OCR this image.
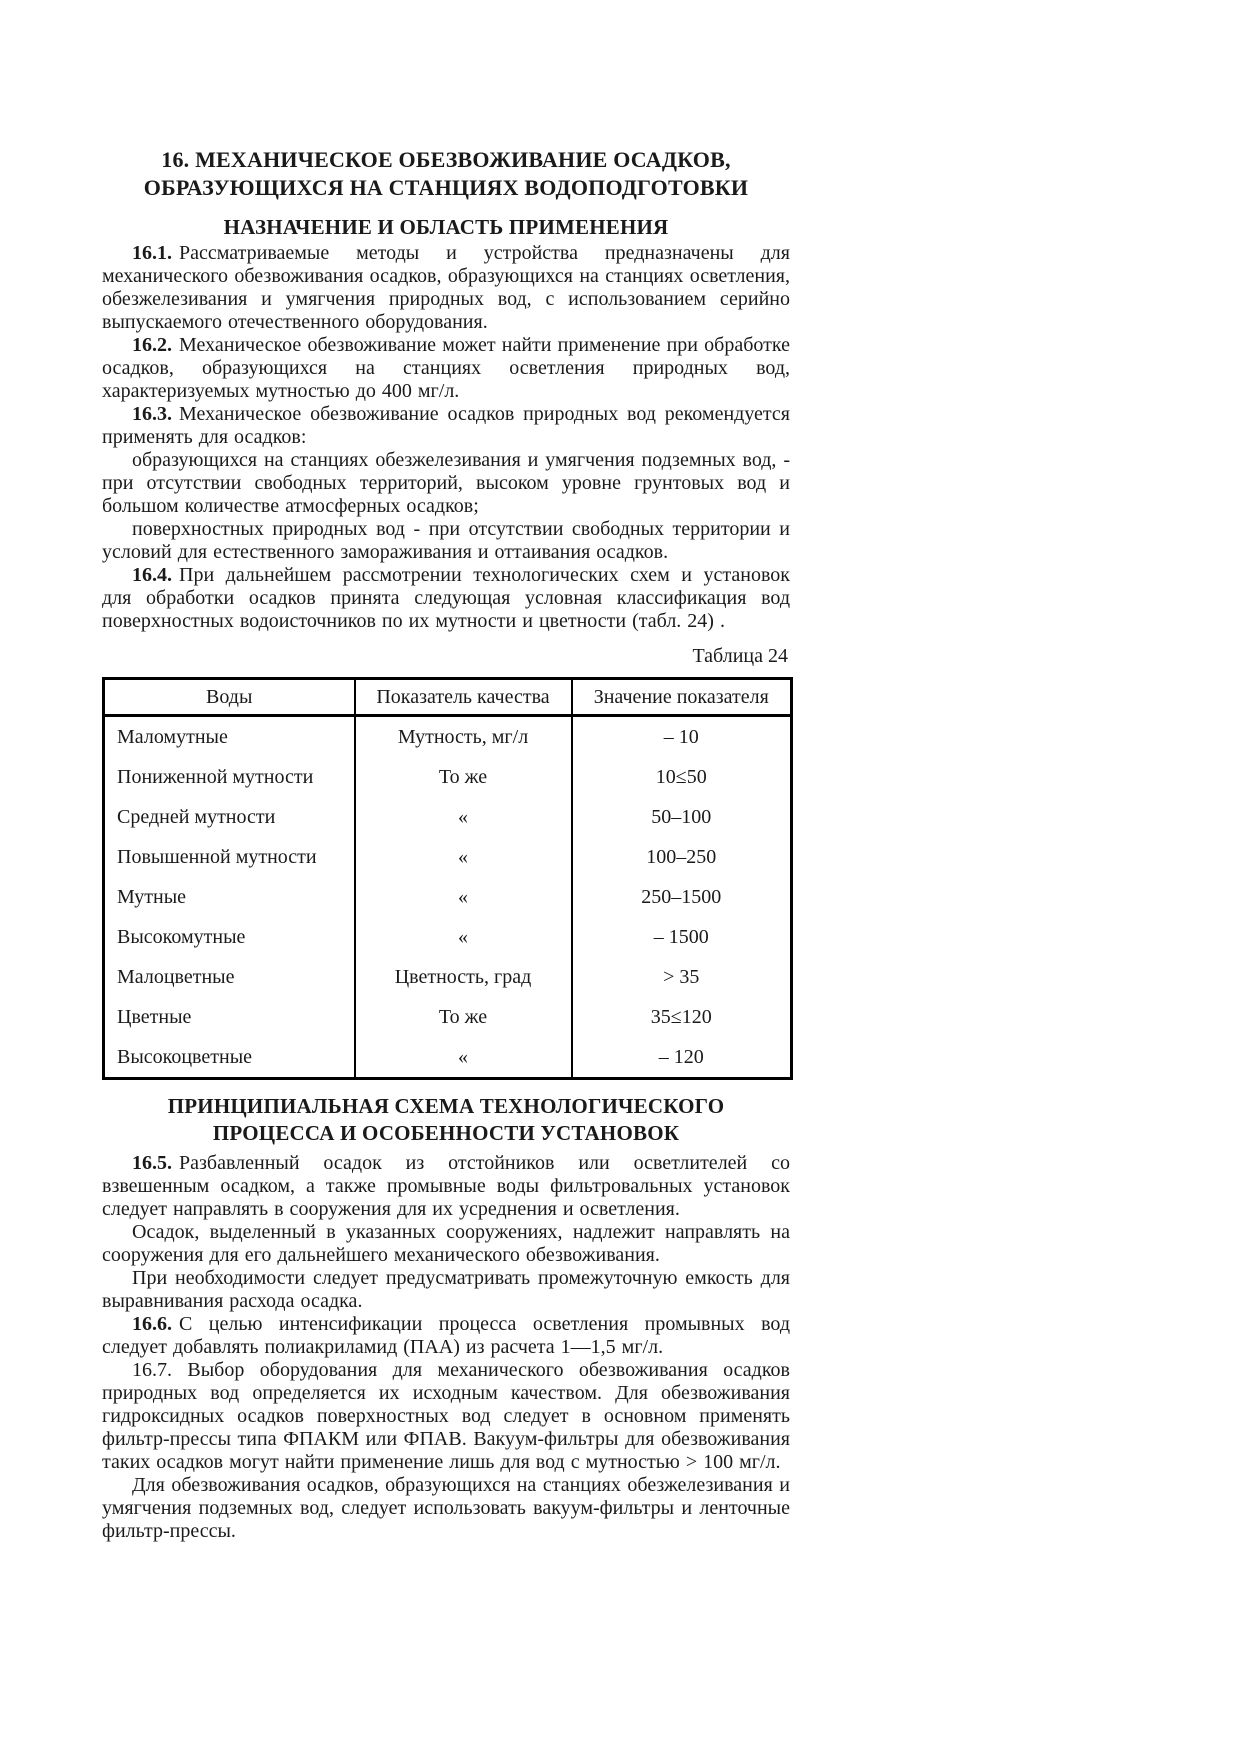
16. МЕХАНИЧЕСКОЕ ОБЕЗВОЖИВАНИЕ ОСАДКОВ,
ОБРАЗУЮЩИХСЯ НА СТАНЦИЯХ ВОДОПОДГОТОВКИ
НАЗНАЧЕНИЕ И ОБЛАСТЬ ПРИМЕНЕНИЯ

16.1. Рассматриваемые методы и устройства предназначены для механического обезвоживания осадков, образующихся на станциях осветления, обезжелезивания и умягчения природных вод, с использованием серийно выпускаемого отечественного оборудования.

16.2. Механическое обезвоживание может найти применение при обработке осадков, образующихся на станциях осветления природных вод, характеризуемых мутностью до 400 мг/л.

16.3. Механическое обезвоживание осадков природных вод рекомендуется применять для осадков:

образующихся на станциях обезжелезивания и умягчения подземных вод, - при отсутствии свободных территорий, высоком уровне грунтовых вод и большом количестве атмосферных осадков;

поверхностных природных вод - при отсутствии свободных территории и условий для естественного замораживания и оттаивания осадков.

16.4. При дальнейшем рассмотрении технологических схем и установок для обработки осадков принята следующая условная классификация вод поверхностных водоисточников по их мутности и цветности (табл. 24) .

Таблица 24
Воды	Показатель качества	Значение показателя
Маломутные	Мутность, мг/л	– 10
Пониженной мутности	То же	10≤50
Средней мутности	«	50–100
Повышенной мутности	«	100–250
Мутные	«	250–1500
Высокомутные	«	– 1500
Малоцветные	Цветность, град	> 35
Цветные	То же	35≤120
Высокоцветные	«	– 120
ПРИНЦИПИАЛЬНАЯ СХЕМА ТЕХНОЛОГИЧЕСКОГО
ПРОЦЕССА И ОСОБЕННОСТИ УСТАНОВОК

16.5. Разбавленный осадок из отстойников или осветлителей со взвешенным осадком, а также промывные воды фильтровальных установок следует направлять в сооружения для их усреднения и осветления.

Осадок, выделенный в указанных сооружениях, надлежит направлять на сооружения для его дальнейшего механического обезвоживания.

При необходимости следует предусматривать промежуточную емкость для выравнивания расхода осадка.

16.6. С целью интенсификации процесса осветления промывных вод следует добавлять полиакриламид (ПАА) из расчета 1—1,5 мг/л.

16.7. Выбор оборудования для механического обезвоживания осадков природных вод определяется их исходным качеством. Для обезвоживания гидроксидных осадков поверхностных вод следует в основном применять фильтр-прессы типа ФПАКМ или ФПАВ. Вакуум-фильтры для обезвоживания таких осадков могут найти применение лишь для вод с мутностью > 100 мг/л.

Для обезвоживания осадков, образующихся на станциях обезжелезивания и умягчения подземных вод, следует использовать вакуум-фильтры и ленточные фильтр-прессы.
